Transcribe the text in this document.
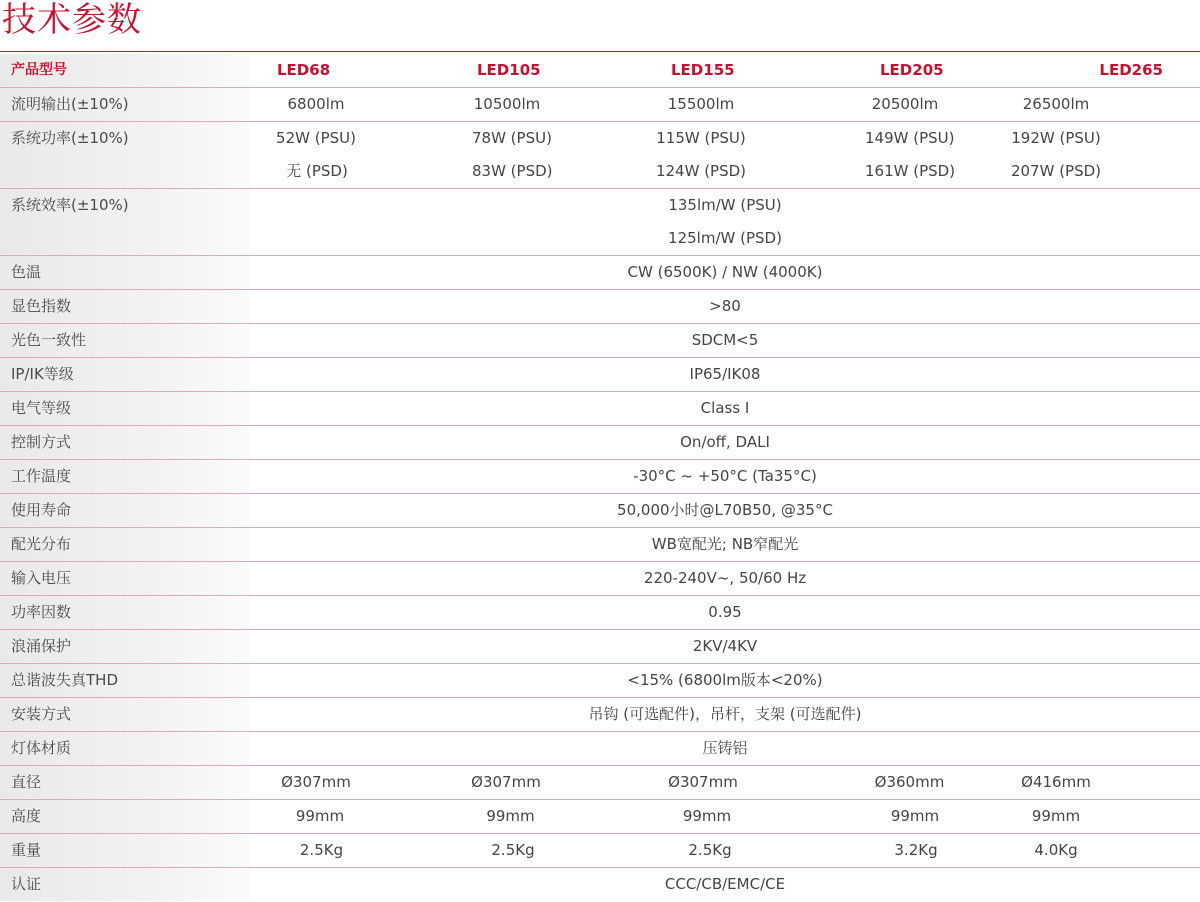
技术参数
产品型号	LED68	LED105	LED155	LED205	LED265
流明输出(±10%)	6800lm	10500lm	15500lm	20500lm	26500lm
系统功率(±10%)	52W (PSU)	78W (PSU)	115W (PSU)	149W (PSU)	192W (PSU)
	无 (PSD)	83W (PSD)	124W (PSD)	161W (PSD)	207W (PSD)
系统效率(±10%)	135lm/W (PSU)				
	125lm/W (PSD)				
色温	CW (6500K) / NW (4000K)				
显色指数	>80				
光色一致性	SDCM<5				
IP/IK等级	IP65/IK08				
电气等级	Class I				
控制方式	On/off, DALI				
工作温度	-30°C ~ +50°C (Ta35°C)				
使用寿命	50,000小时@L70B50, @35°C				
配光分布	WB宽配光; NB窄配光				
输入电压	220-240V~, 50/60 Hz				
功率因数	0.95				
浪涌保护	2KV/4KV				
总谐波失真THD	<15% (6800lm版本<20%)				
安装方式	吊钩 (可选配件)，吊杆，支架 (可选配件)				
灯体材质	压铸铝				
直径	Ø307mm	Ø307mm	Ø307mm	Ø360mm	Ø416mm
高度	99mm	99mm	99mm	99mm	99mm
重量	2.5Kg	2.5Kg	2.5Kg	3.2Kg	4.0Kg
认证	CCC/CB/EMC/CE				
